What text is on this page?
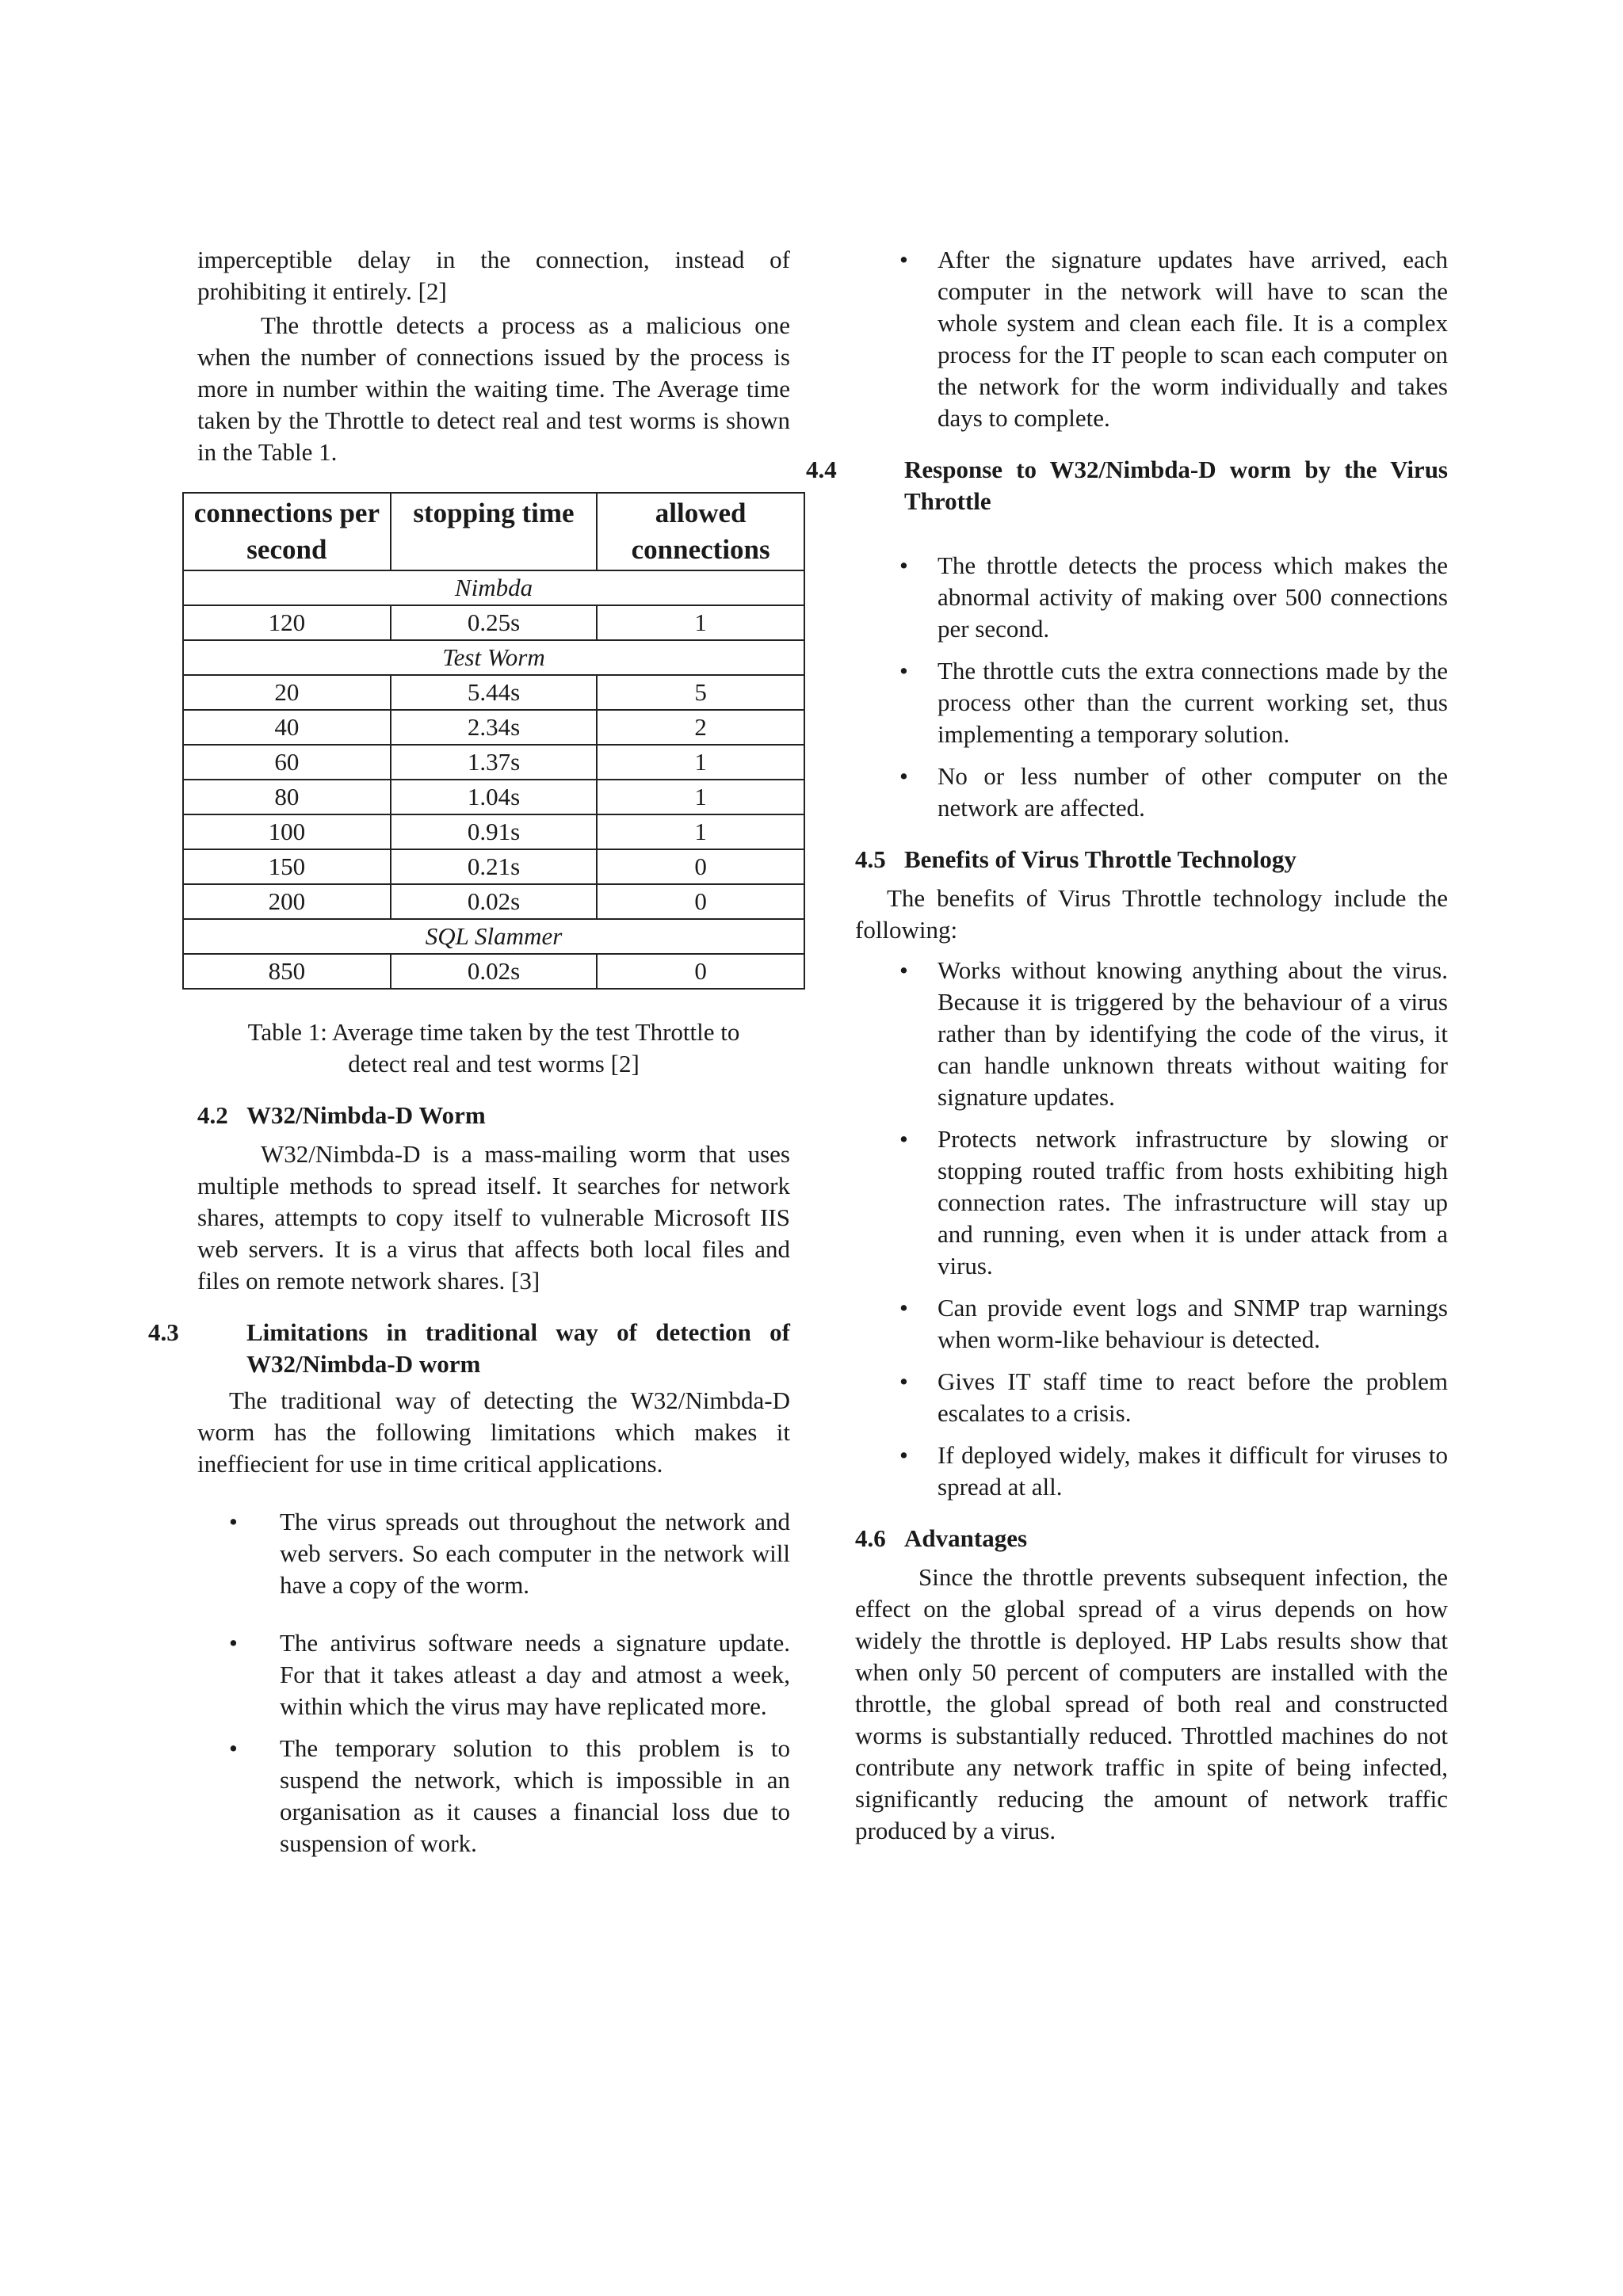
imperceptible delay in the connection, instead of prohibiting it entirely. [2]

The throttle detects a process as a malicious one when the number of connections issued by the process is more in number within the waiting time. The Average time taken by the Throttle to detect real and test worms is shown in the Table 1.

connections per second	stopping time	allowed connections
Nimbda		
120	0.25s	1
Test Worm		
20	5.44s	5
40	2.34s	2
60	1.37s	1
80	1.04s	1
100	0.91s	1
150	0.21s	0
200	0.02s	0
SQL Slammer		
850	0.02s	0
Table 1: Average time taken by the test Throttle to
detect real and test worms [2]
4.2 W32/Nimbda-D Worm

W32/Nimbda-D is a mass-mailing worm that uses multiple methods to spread itself. It searches for network shares, attempts to copy itself to vulnerable Microsoft IIS web servers. It is a virus that affects both local files and files on remote network shares. [3]

4.3	Limitations in traditional way of detection of W32/Nimbda-D worm

The traditional way of detecting the W32/Nimbda-D worm has the following limitations which makes it ineffiecient for use in time critical applications.

• The virus spreads out throughout the network and web servers. So each computer in the network will have a copy of the worm.
• The antivirus software needs a signature update. For that it takes atleast a day and atmost a week, within which the virus may have replicated more.
• The temporary solution to this problem is to suspend the network, which is impossible in an organisation as it causes a financial loss due to suspension of work.
• After the signature updates have arrived, each computer in the network will have to scan the whole system and clean each file. It is a complex process for the IT people to scan each computer on the network for the worm individually and takes days to complete.
4.4	Response to W32/Nimbda-D worm by the Virus Throttle
• The throttle detects the process which makes the abnormal activity of making over 500 connections per second.
• The throttle cuts the extra connections made by the process other than the current working set, thus implementing a temporary solution.
• No or less number of other computer on the network are affected.
4.5 Benefits of Virus Throttle Technology

The benefits of Virus Throttle technology include the following:

• Works without knowing anything about the virus. Because it is triggered by the behaviour of a virus rather than by identifying the code of the virus, it can handle unknown threats without waiting for signature updates.
• Protects network infrastructure by slowing or stopping routed traffic from hosts exhibiting high connection rates. The infrastructure will stay up and running, even when it is under attack from a virus.
• Can provide event logs and SNMP trap warnings when worm-like behaviour is detected.
• Gives IT staff time to react before the problem escalates to a crisis.
• If deployed widely, makes it difficult for viruses to spread at all.
4.6 Advantages

Since the throttle prevents subsequent infection, the effect on the global spread of a virus depends on how widely the throttle is deployed. HP Labs results show that when only 50 percent of computers are installed with the throttle, the global spread of both real and constructed worms is substantially reduced. Throttled machines do not contribute any network traffic in spite of being infected, significantly reducing the amount of network traffic produced by a virus.
